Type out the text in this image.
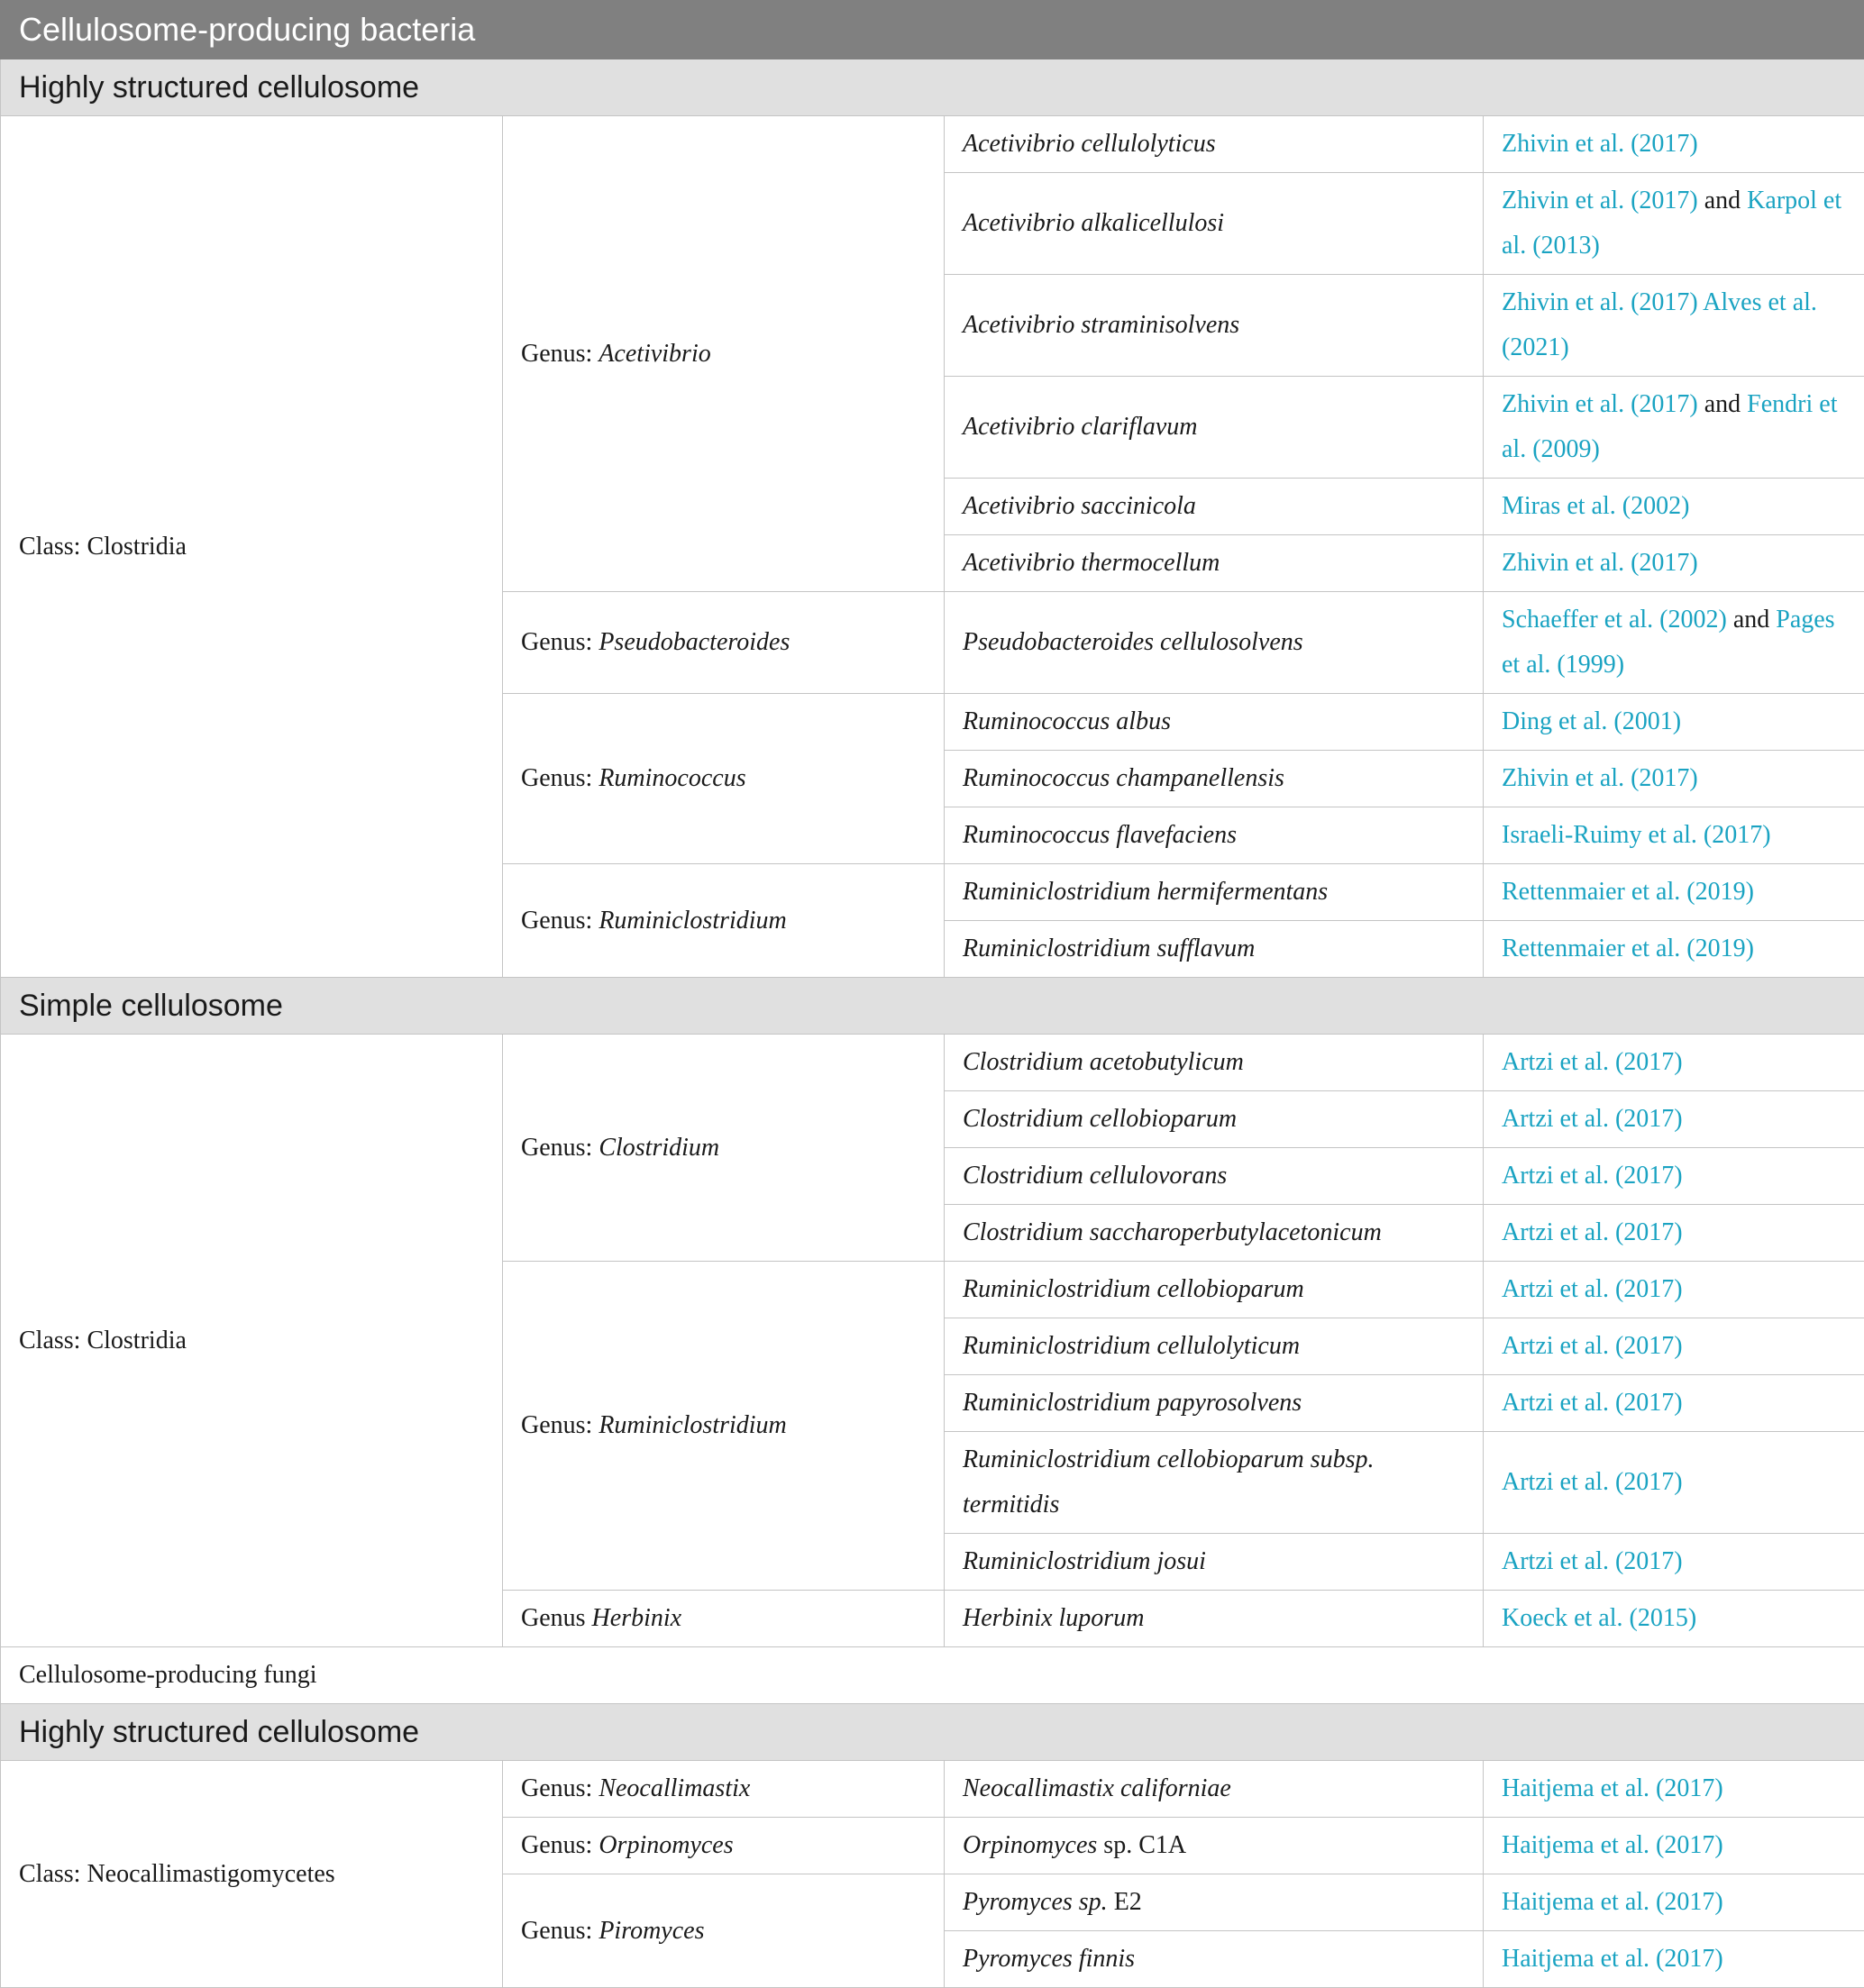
Cellulosome-producing bacteria			
Highly structured cellulosome			
Class: Clostridia	Genus: Acetivibrio	Acetivibrio cellulolyticus	Zhivin et al. (2017)
		Acetivibrio alkalicellulosi	Zhivin et al. (2017) and Karpol et al. (2013)
		Acetivibrio straminisolvens	Zhivin et al. (2017) Alves et al. (2021)
		Acetivibrio clariflavum	Zhivin et al. (2017) and Fendri et al. (2009)
		Acetivibrio saccinicola	Miras et al. (2002)
		Acetivibrio thermocellum	Zhivin et al. (2017)
	Genus: Pseudobacteroides	Pseudobacteroides cellulosolvens	Schaeffer et al. (2002) and Pages et al. (1999)
	Genus: Ruminococcus	Ruminococcus albus	Ding et al. (2001)
		Ruminococcus champanellensis	Zhivin et al. (2017)
		Ruminococcus flavefaciens	Israeli-Ruimy et al. (2017)
	Genus: Ruminiclostridium	Ruminiclostridium hermifermentans	Rettenmaier et al. (2019)
		Ruminiclostridium sufflavum	Rettenmaier et al. (2019)
Simple cellulosome			
Class: Clostridia	Genus: Clostridium	Clostridium acetobutylicum	Artzi et al. (2017)
		Clostridium cellobioparum	Artzi et al. (2017)
		Clostridium cellulovorans	Artzi et al. (2017)
		Clostridium saccharoperbutylacetonicum	Artzi et al. (2017)
	Genus: Ruminiclostridium	Ruminiclostridium cellobioparum	Artzi et al. (2017)
		Ruminiclostridium cellulolyticum	Artzi et al. (2017)
		Ruminiclostridium papyrosolvens	Artzi et al. (2017)
		Ruminiclostridium cellobioparum subsp. termitidis	Artzi et al. (2017)
		Ruminiclostridium josui	Artzi et al. (2017)
	Genus Herbinix	Herbinix luporum	Koeck et al. (2015)
Cellulosome-producing fungi			
Highly structured cellulosome			
Class: Neocallimastigomycetes	Genus: Neocallimastix	Neocallimastix californiae	Haitjema et al. (2017)
	Genus: Orpinomyces	Orpinomyces sp. C1A	Haitjema et al. (2017)
	Genus: Piromyces	Pyromyces sp. E2	Haitjema et al. (2017)
		Pyromyces finnis	Haitjema et al. (2017)
